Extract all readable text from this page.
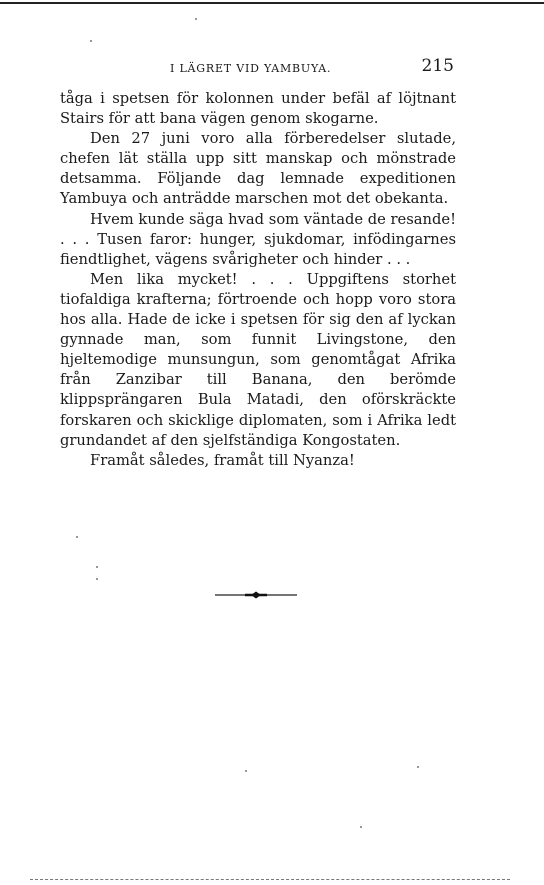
I LÄGRET VID YAMBUYA.	215

tåga i spetsen för kolonnen under befäl af löjtnant Stairs för att bana vägen genom skogarne.

Den 27 juni voro alla förberedelser slutade, chefen lät ställa upp sitt manskap och mönstrade detsamma. Följande dag lemnade expeditionen Yambuya och anträdde marschen mot det obekanta.

Hvem kunde säga hvad som väntade de resande! . . . Tusen faror: hunger, sjukdomar, infödingarnes fiendtlighet, vägens svårigheter och hinder . . .

Men lika mycket! . . . Uppgiftens storhet tiofaldiga krafterna; förtroende och hopp voro stora hos alla. Hade de icke i spetsen för sig den af lyckan gynnade man, som funnit Livingstone, den hjeltemodige munsungun, som genomtågat Afrika från Zanzibar till Banana, den berömde klippsprängaren Bula Matadi, den oförskräckte forskaren och skicklige diplomaten, som i Afrika ledt grundandet af den sjelfständiga Kongostaten.

Framåt således, framåt till Nyanza!
